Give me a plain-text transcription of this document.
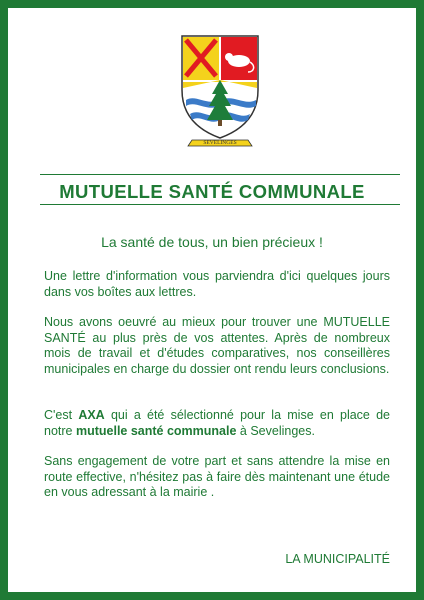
SEVELINGES
MUTUELLE SANTÉ COMMUNALE
La santé de tous, un bien précieux !
Une lettre d'information vous parviendra d'ici quelques jours dans vos boîtes aux lettres.
Nous avons oeuvré au mieux pour trouver une MUTUELLE SANTÉ au plus près de vos attentes. Après de nombreux mois de travail et d'études comparatives, nos conseillères municipales en charge du dossier ont rendu leurs conclusions.
C'est AXA qui a été sélectionné pour la mise en place de notre mutuelle santé communale à Sevelinges.
Sans engagement de votre part et sans attendre la mise en route effective, n'hésitez pas à faire dès maintenant une étude en vous adressant à la mairie .
LA MUNICIPALITÉ
